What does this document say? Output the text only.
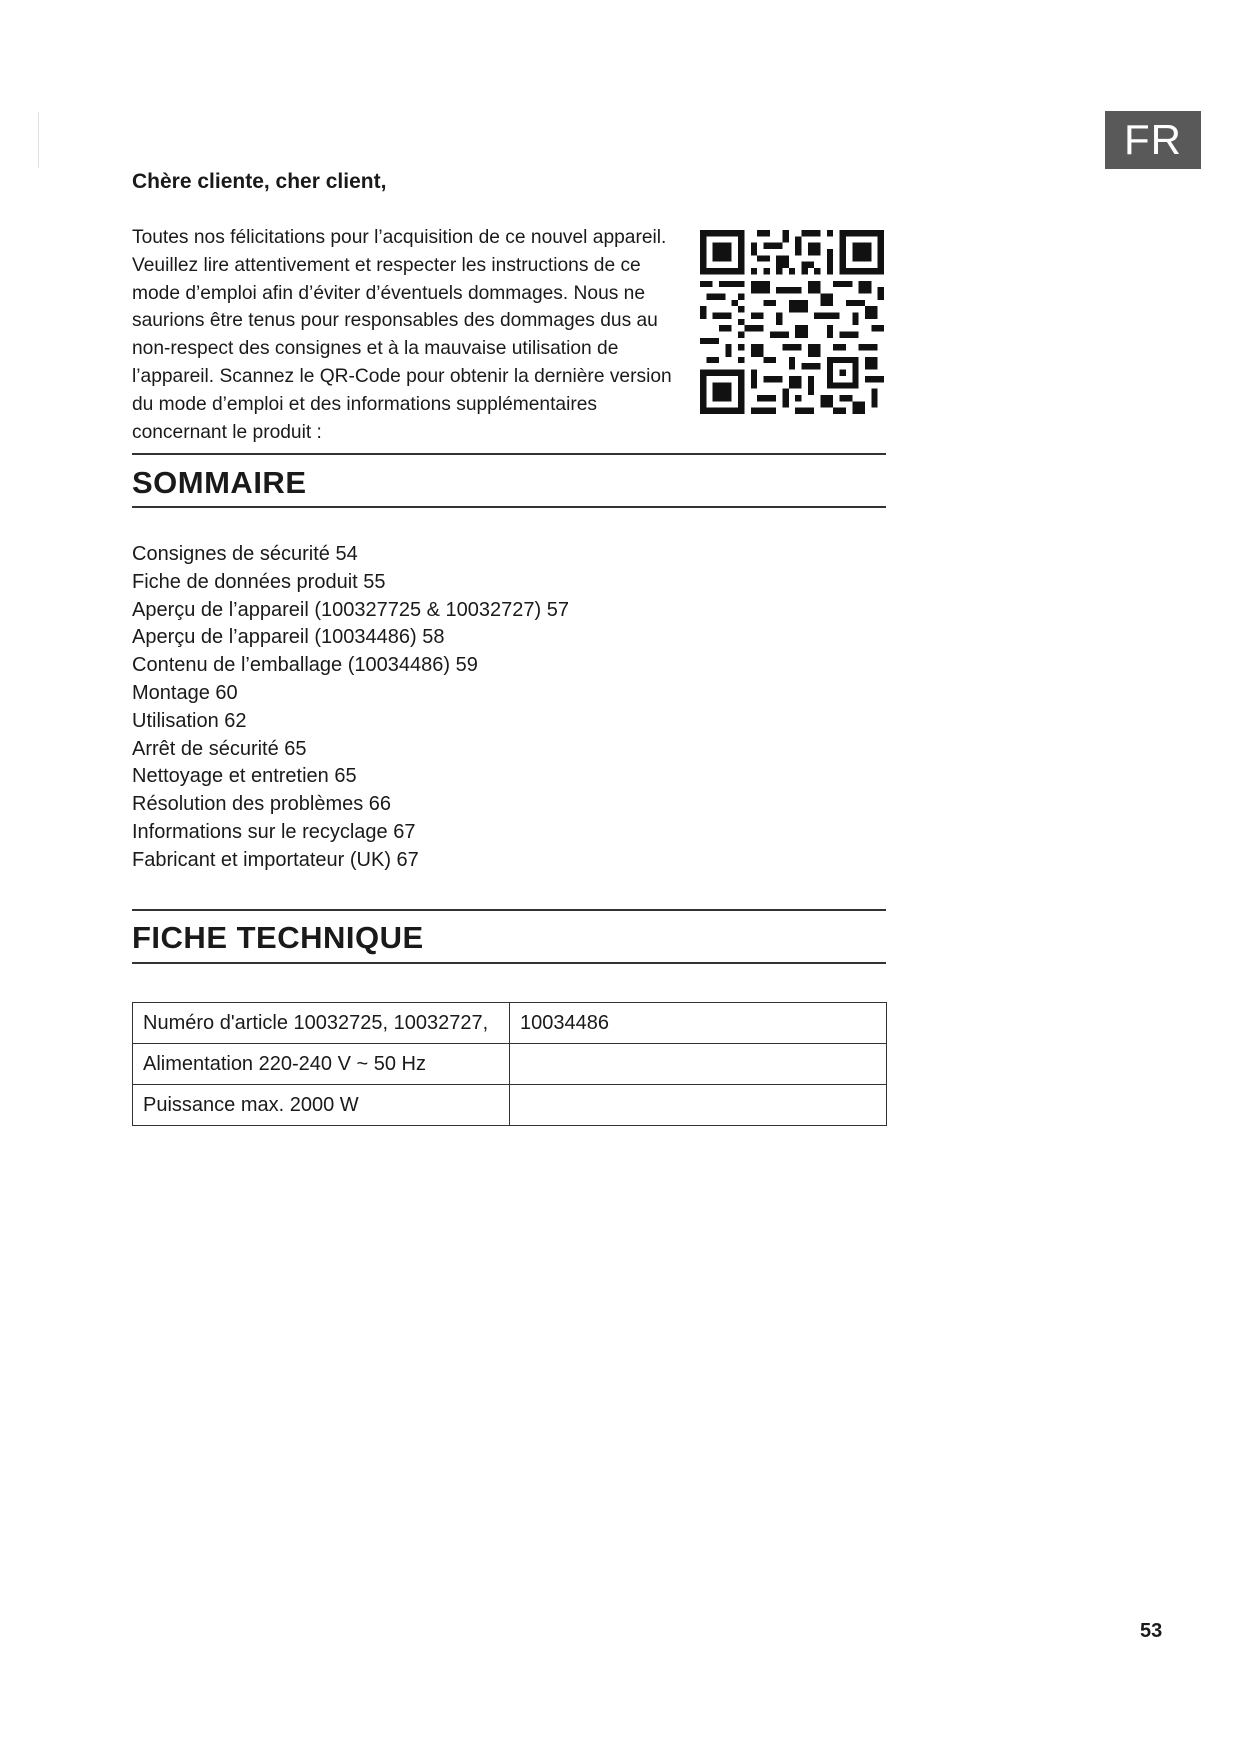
FR
Chère cliente, cher client,

Toutes nos félicitations pour l’acquisition de ce nouvel appareil. Veuillez lire attentivement et respecter les instructions de ce mode d’emploi afin d’éviter d’éventuels dommages. Nous ne saurions être tenus pour responsables des dommages dus au non-respect des consignes et à la mauvaise utilisation de l’appareil. Scannez le QR-Code pour obtenir la dernière version du mode d’emploi et des informations supplémentaires concernant le produit :

SOMMAIRE
Consignes de sécurité 54
Fiche de données produit 55
Aperçu de l’appareil (100327725 & 10032727) 57
Aperçu de l’appareil (10034486) 58
Contenu de l’emballage (10034486) 59
Montage 60
Utilisation 62
Arrêt de sécurité 65
Nettoyage et entretien 65
Résolution des problèmes 66
Informations sur le recyclage 67
Fabricant et importateur (UK) 67
FICHE TECHNIQUE
Numéro d'article 10032725, 10032727,	10034486
Alimentation 220-240 V ~ 50 Hz	
Puissance max. 2000 W	
53
